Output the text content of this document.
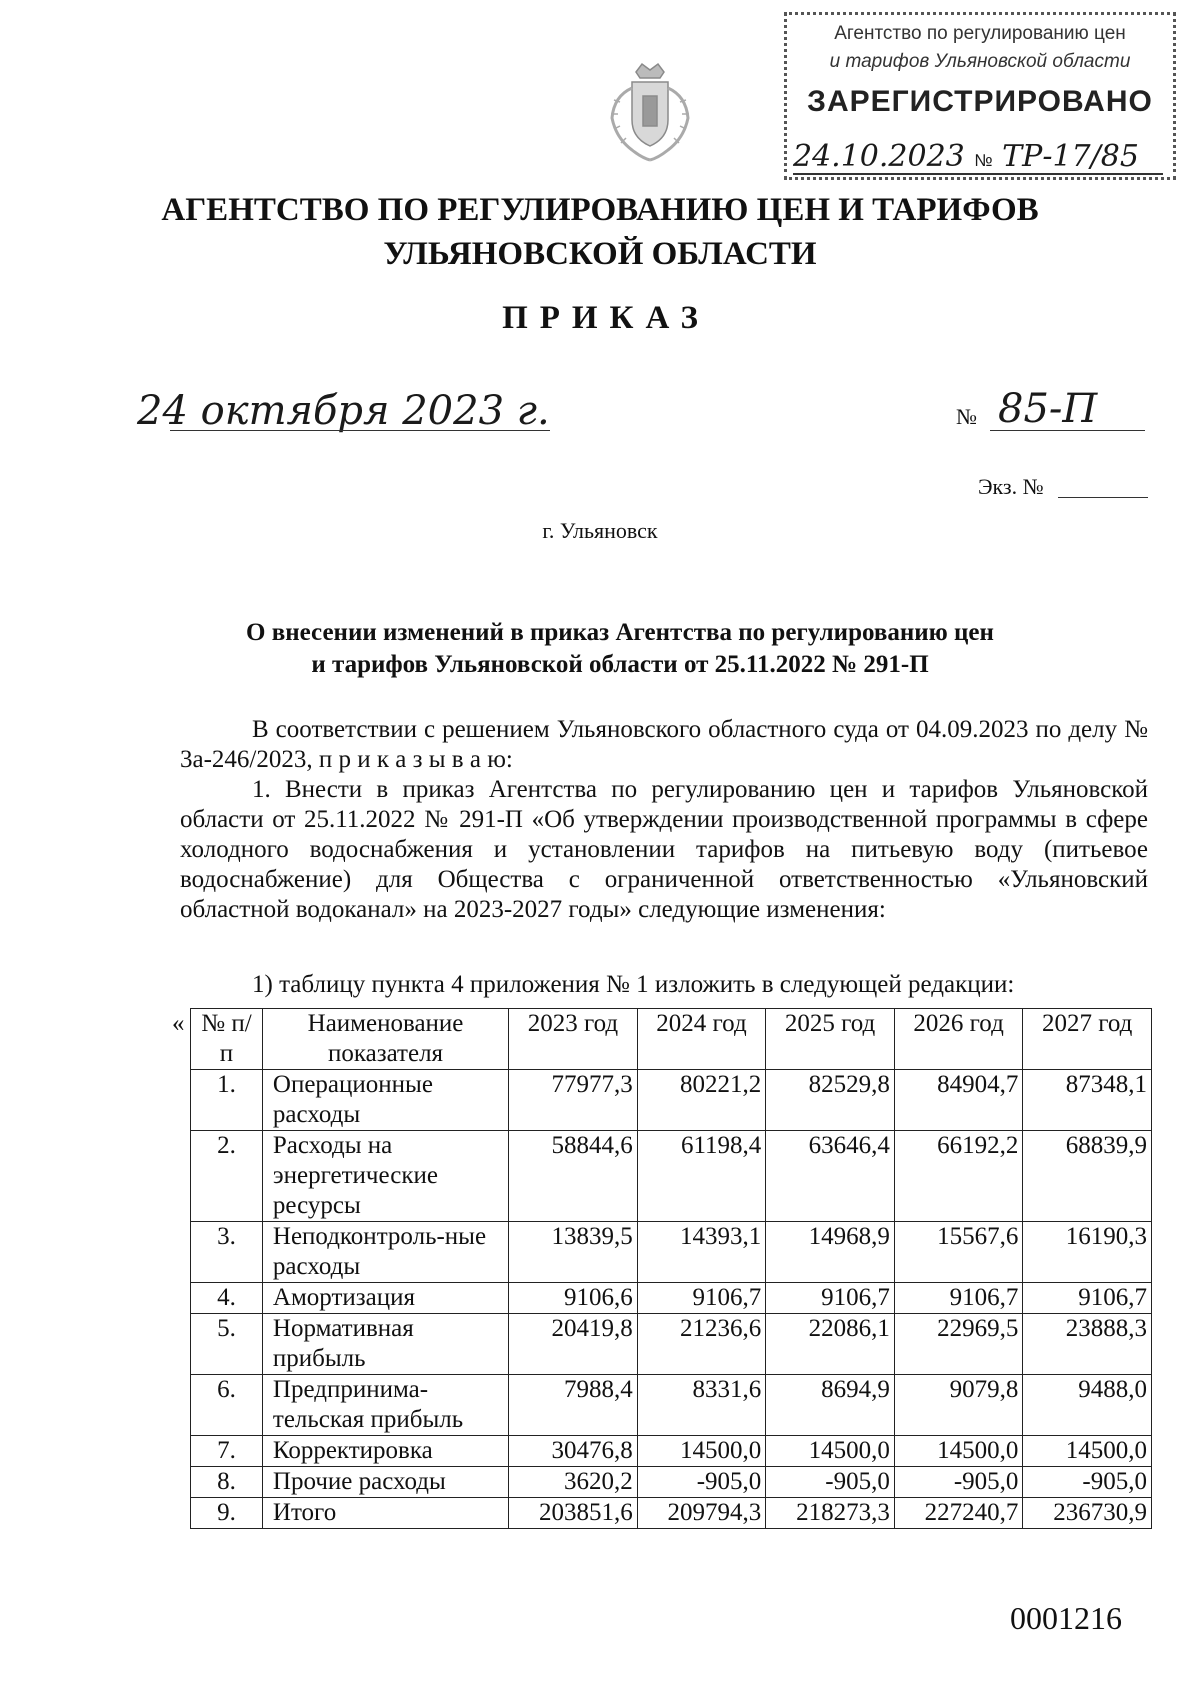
Агентство по регулированию цен
и тарифов Ульяновской области
ЗАРЕГИСТРИРОВАНО
24.10.2023 № ТР-17/85
АГЕНТСТВО ПО РЕГУЛИРОВАНИЮ ЦЕН И ТАРИФОВ
УЛЬЯНОВСКОЙ ОБЛАСТИ
ПРИКАЗ
24 октября 2023 г.	№ 85-П
Экз. №
г. Ульяновск
О внесении изменений в приказ Агентства по регулированию цен
и тарифов Ульяновской области от 25.11.2022 № 291-П
В соответствии с решением Ульяновского областного суда от 04.09.2023 по делу № 3а-246/2023, п р и к а з ы в а ю:
1. Внести в приказ Агентства по регулированию цен и тарифов Ульяновской области от 25.11.2022 № 291-П «Об утверждении производственной программы в сфере холодного водоснабжения и установлении тарифов на питьевую воду (питьевое водоснабжение) для Общества с ограниченной ответственностью «Ульяновский областной водоканал» на 2023-2027 годы» следующие изменения:
1) таблицу пункта 4 приложения № 1 изложить в следующей редакции:
« № п/п	Наименование показателя	2023 год	2024 год	2025 год	2026 год	2027 год
1.	Операционные расходы	77977,3	80221,2	82529,8	84904,7	87348,1
2.	Расходы на энергетические ресурсы	58844,6	61198,4	63646,4	66192,2	68839,9
3.	Неподконтроль-ные расходы	13839,5	14393,1	14968,9	15567,6	16190,3
4.	Амортизация	9106,6	9106,7	9106,7	9106,7	9106,7
5.	Нормативная прибыль	20419,8	21236,6	22086,1	22969,5	23888,3
6.	Предпринима-тельская прибыль	7988,4	8331,6	8694,9	9079,8	9488,0
7.	Корректировка	30476,8	14500,0	14500,0	14500,0	14500,0
8.	Прочие расходы	3620,2	-905,0	-905,0	-905,0	-905,0
9.	Итого	203851,6	209794,3	218273,3	227240,7	236730,9
0001216
